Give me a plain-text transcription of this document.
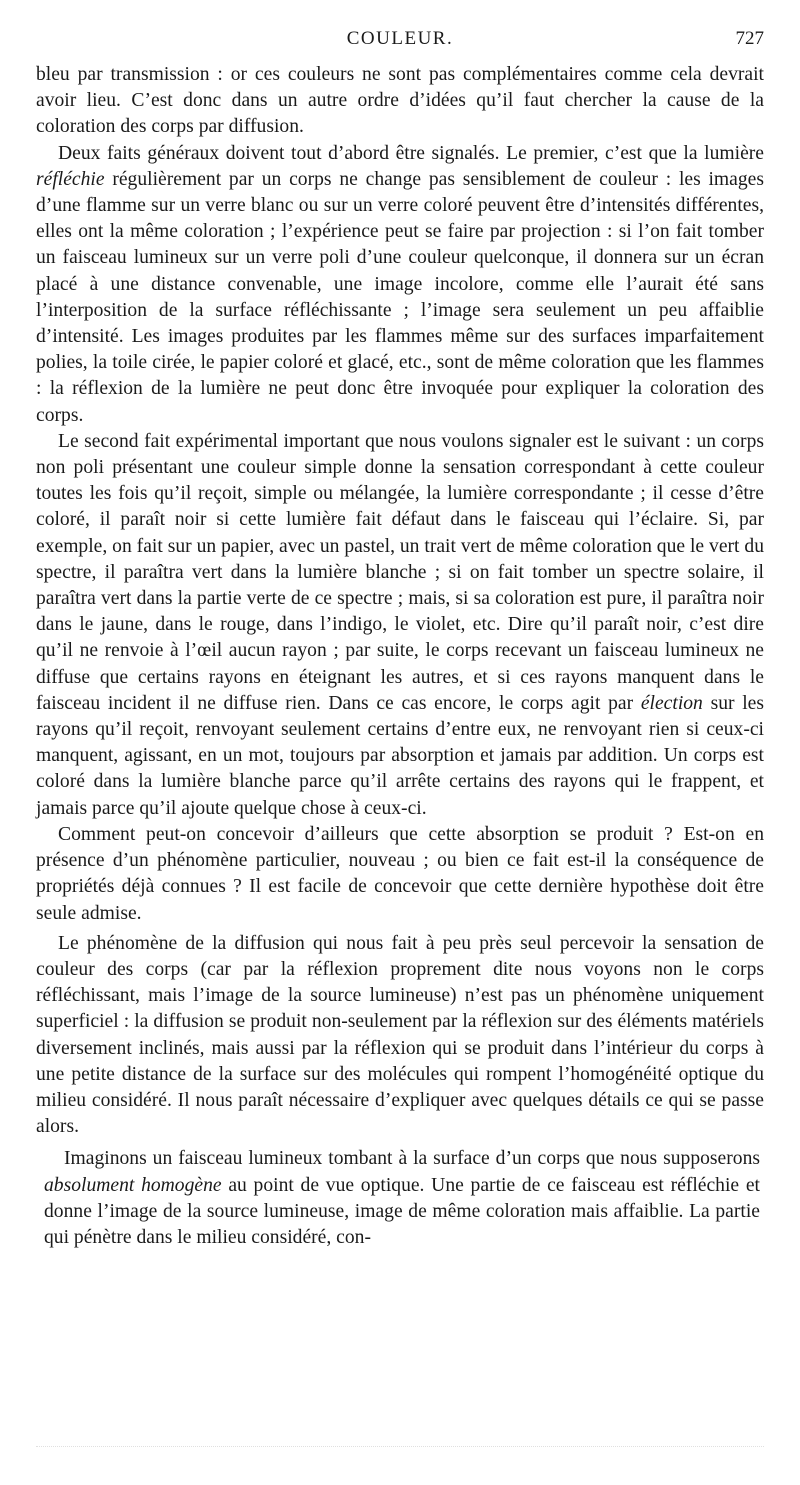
COULEUR.	727

bleu par transmission : or ces couleurs ne sont pas complémentaires comme cela devrait avoir lieu. C’est donc dans un autre ordre d’idées qu’il faut chercher la cause de la coloration des corps par diffusion.

Deux faits généraux doivent tout d’abord être signalés. Le premier, c’est que la lumière réfléchie régulièrement par un corps ne change pas sensiblement de couleur : les images d’une flamme sur un verre blanc ou sur un verre coloré peuvent être d’intensités différentes, elles ont la même coloration ; l’expérience peut se faire par projection : si l’on fait tomber un faisceau lumineux sur un verre poli d’une couleur quelconque, il donnera sur un écran placé à une distance convenable, une image incolore, comme elle l’aurait été sans l’interposition de la surface réfléchissante ; l’image sera seulement un peu affaiblie d’intensité. Les images produites par les flammes même sur des surfaces imparfaitement polies, la toile cirée, le papier coloré et glacé, etc., sont de même coloration que les flammes : la réflexion de la lumière ne peut donc être invoquée pour expliquer la coloration des corps.

Le second fait expérimental important que nous voulons signaler est le suivant : un corps non poli présentant une couleur simple donne la sensation correspondant à cette couleur toutes les fois qu’il reçoit, simple ou mélangée, la lumière correspondante ; il cesse d’être coloré, il paraît noir si cette lumière fait défaut dans le faisceau qui l’éclaire. Si, par exemple, on fait sur un papier, avec un pastel, un trait vert de même coloration que le vert du spectre, il paraîtra vert dans la lumière blanche ; si on fait tomber un spectre solaire, il paraîtra vert dans la partie verte de ce spectre ; mais, si sa coloration est pure, il paraîtra noir dans le jaune, dans le rouge, dans l’indigo, le violet, etc. Dire qu’il paraît noir, c’est dire qu’il ne renvoie à l’œil aucun rayon ; par suite, le corps recevant un faisceau lumineux ne diffuse que certains rayons en éteignant les autres, et si ces rayons manquent dans le faisceau incident il ne diffuse rien. Dans ce cas encore, le corps agit par élection sur les rayons qu’il reçoit, renvoyant seulement certains d’entre eux, ne renvoyant rien si ceux-ci manquent, agissant, en un mot, toujours par absorption et jamais par addition. Un corps est coloré dans la lumière blanche parce qu’il arrête certains des rayons qui le frappent, et jamais parce qu’il ajoute quelque chose à ceux-ci.

Comment peut-on concevoir d’ailleurs que cette absorption se produit ? Est-on en présence d’un phénomène particulier, nouveau ; ou bien ce fait est-il la conséquence de propriétés déjà connues ? Il est facile de concevoir que cette dernière hypothèse doit être seule admise.

Le phénomène de la diffusion qui nous fait à peu près seul percevoir la sensation de couleur des corps (car par la réflexion proprement dite nous voyons non le corps réfléchissant, mais l’image de la source lumineuse) n’est pas un phénomène uniquement superficiel : la diffusion se produit non-seulement par la réflexion sur des éléments matériels diversement inclinés, mais aussi par la réflexion qui se produit dans l’intérieur du corps à une petite distance de la surface sur des molécules qui rompent l’homogénéité optique du milieu considéré. Il nous paraît nécessaire d’expliquer avec quelques détails ce qui se passe alors.

Imaginons un faisceau lumineux tombant à la surface d’un corps que nous supposerons absolument homogène au point de vue optique. Une partie de ce faisceau est réfléchie et donne l’image de la source lumineuse, image de même coloration mais affaiblie. La partie qui pénètre dans le milieu considéré, con-
